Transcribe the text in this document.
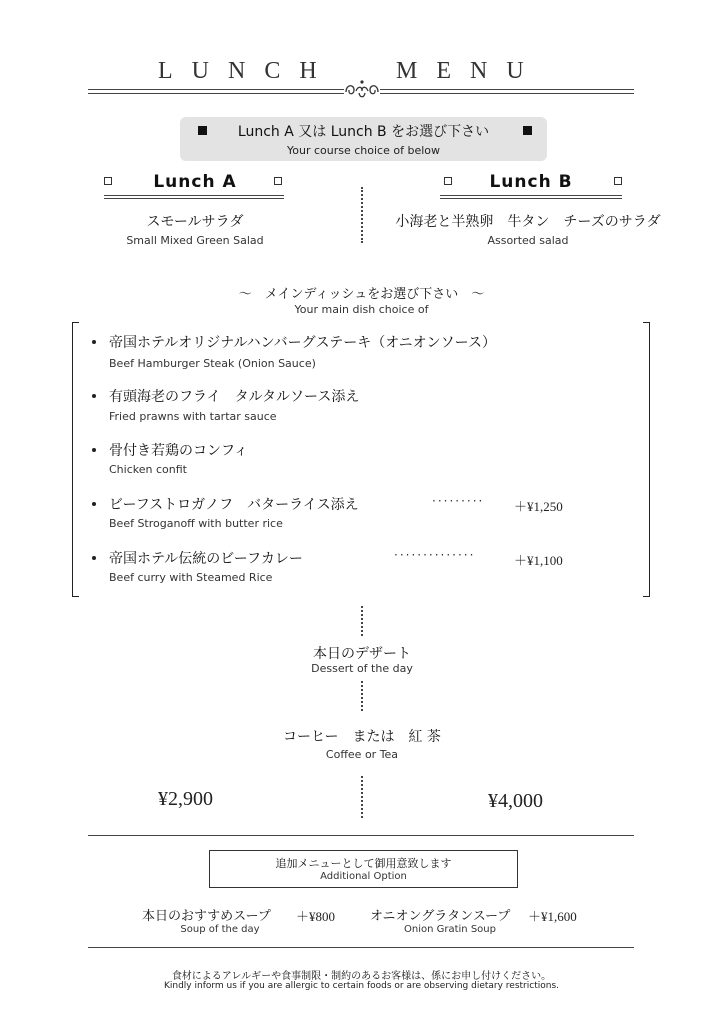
LUNCH	MENU
Lunch A 又は Lunch B をお選び下さい
Your course choice of below
Lunch A	Lunch B
スモールサラダ
Small Mixed Green Salad
小海老と半熟卵　牛タン　チーズのサラダ
Assorted salad
～　メインディッシュをお選び下さい　～
Your main dish choice of
帝国ホテルオリジナルハンバーグステーキ（オニオンソース）
Beef Hamburger Steak (Onion Sauce)
有頭海老のフライ　タルタルソース添え
Fried prawns with tartar sauce
骨付き若鶏のコンフィ
Chicken confit
ビーフストロガノフ　バターライス添え	········· ＋¥1,250
Beef Stroganoff with butter rice
帝国ホテル伝統のビーフカレー	··············	＋¥1,100
Beef curry with Steamed Rice
本日のデザート
Dessert of the day
コーヒー　または　紅 茶
Coffee or Tea
¥2,900	¥4,000
追加メニューとして御用意致します
Additional Option
本日のおすすめスープ ＋¥800
Soup of the day
オニオングラタンスープ ＋¥1,600
Onion Gratin Soup
食材によるアレルギーや食事制限・制約のあるお客様は、係にお申し付けください。
Kindly inform us if you are allergic to certain foods or are observing dietary restrictions.
